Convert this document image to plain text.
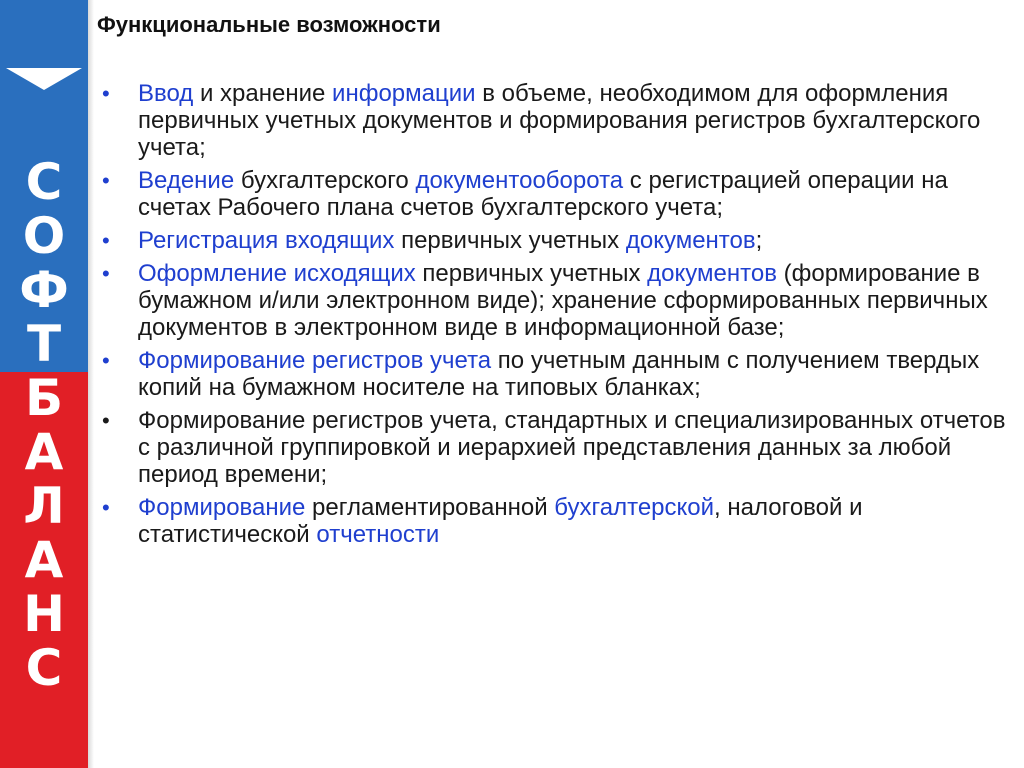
С
О
Ф
Т
Б
А
Л
А
Н
С
Функциональные возможности
•	Ввод и хранение информации в объеме, необходимом для оформления первичных учетных документов и формирования регистров бухгалтерского учета;
•	Ведение бухгалтерского документооборота с регистрацией операции на счетах Рабочего плана счетов бухгалтерского учета;
•	Регистрация входящих первичных учетных документов;
•	Оформление исходящих первичных учетных документов (формирование в бумажном и/или электронном виде); хранение сформированных первичных документов в электронном виде в информационной базе;
•	Формирование регистров учета по учетным данным с получением твердых копий на бумажном носителе на типовых бланках;
•	Формирование регистров учета, стандартных и специализированных отчетов с различной группировкой и иерархией представления данных за любой период времени;
•	Формирование регламентированной бухгалтерской, налоговой и статистической отчетности
